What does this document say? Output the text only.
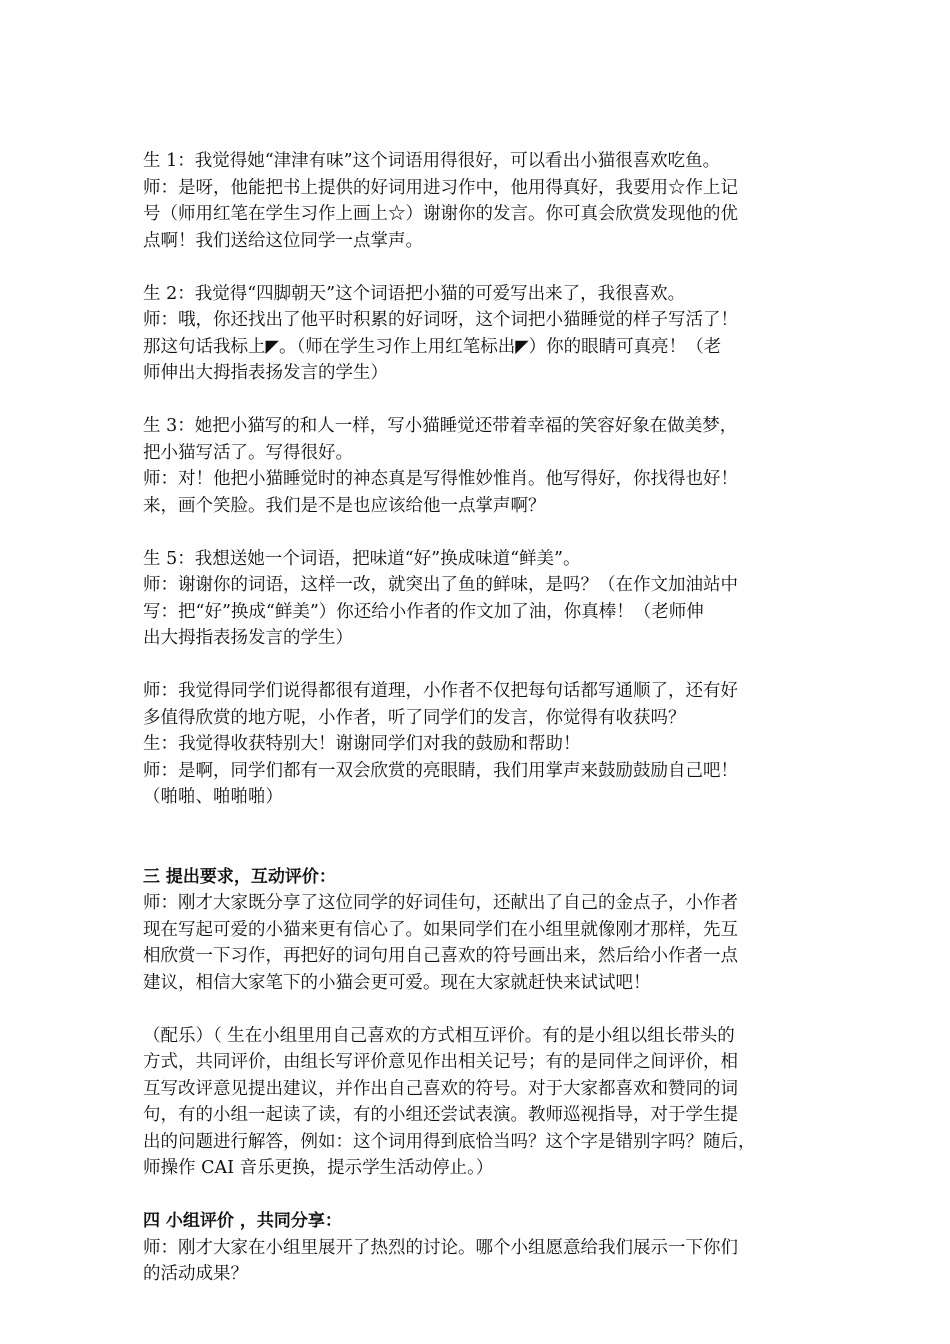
生 1：我觉得她“津津有味”这个词语用得很好，可以看出小猫很喜欢吃鱼。
师：是呀，他能把书上提供的好词用进习作中，他用得真好，我要用☆作上记
号（师用红笔在学生习作上画上☆）谢谢你的发言。你可真会欣赏发现他的优
点啊！我们送给这位同学一点掌声。
生 2：我觉得“四脚朝天”这个词语把小猫的可爱写出来了，我很喜欢。
师：哦，你还找出了他平时积累的好词呀，这个词把小猫睡觉的样子写活了！
那这句话我标上◤。（师在学生习作上用红笔标出◤）你的眼睛可真亮！（老
师伸出大拇指表扬发言的学生）
生 3：她把小猫写的和人一样，写小猫睡觉还带着幸福的笑容好象在做美梦，
把小猫写活了。写得很好。
师：对！他把小猫睡觉时的神态真是写得惟妙惟肖。他写得好，你找得也好！
来，画个笑脸。我们是不是也应该给他一点掌声啊？
生 5：我想送她一个词语，把味道“好”换成味道“鲜美”。
师：谢谢你的词语，这样一改，就突出了鱼的鲜味，是吗？（在作文加油站中
写：把“好”换成“鲜美”）你还给小作者的作文加了油，你真棒！（老师伸
出大拇指表扬发言的学生）
师：我觉得同学们说得都很有道理，小作者不仅把每句话都写通顺了，还有好
多值得欣赏的地方呢，小作者，听了同学们的发言，你觉得有收获吗？
生：我觉得收获特别大！谢谢同学们对我的鼓励和帮助！
师：是啊，同学们都有一双会欣赏的亮眼睛，我们用掌声来鼓励鼓励自己吧！
（啪啪、啪啪啪）
三 提出要求，互动评价：
师：刚才大家既分享了这位同学的好词佳句，还献出了自己的金点子，小作者
现在写起可爱的小猫来更有信心了。如果同学们在小组里就像刚才那样，先互
相欣赏一下习作，再把好的词句用自己喜欢的符号画出来，然后给小作者一点
建议，相信大家笔下的小猫会更可爱。现在大家就赶快来试试吧！
（配乐）（ 生在小组里用自己喜欢的方式相互评价。有的是小组以组长带头的
方式，共同评价，由组长写评价意见作出相关记号；有的是同伴之间评价，相
互写改评意见提出建议，并作出自己喜欢的符号。对于大家都喜欢和赞同的词
句，有的小组一起读了读，有的小组还尝试表演。教师巡视指导，对于学生提
出的问题进行解答，例如：这个词用得到底恰当吗？这个字是错别字吗？随后，
师操作 CAI 音乐更换，提示学生活动停止。）
四 小组评价 ，共同分享：
师：刚才大家在小组里展开了热烈的讨论。哪个小组愿意给我们展示一下你们
的活动成果？
